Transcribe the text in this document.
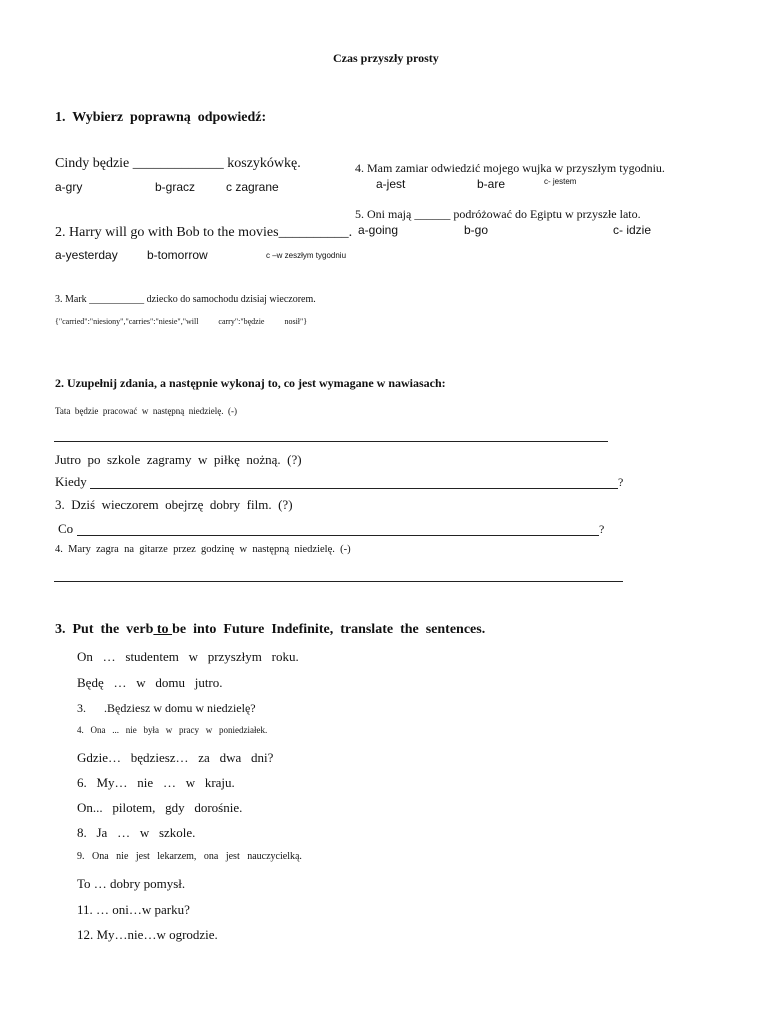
Czas przyszły prosty
1.  Wybierz  poprawną  odpowiedź:
Cindy będzie _____________ koszykówkę.
a-gry	b-gracz	c zagrane
4. Mam zamiar odwiedzić mojego wujka w przyszłym tygodniu.
a-jest	b-are	c- jestem
5. Oni mają ______ podróżować do Egiptu w przyszłe lato.
a-going	b-go	c- idzie
2. Harry will go with Bob to the movies__________.
a-yesterday b-tomorrow	c –w zeszłym tygodniu
3. Mark ___________ dziecko do samochodu dzisiaj wieczorem.
{"carried":"niesiony","carries":"niesie","will          carry":"będzie          nosił"}
2. Uzupełnij zdania, a następnie wykonaj to, co jest wymagane w nawiasach:
Tata  będzie  pracować  w  następną  niedzielę.  (-)
Jutro  po  szkole  zagramy  w  piłkę  nożną.  (?)
Kiedy	?
3.  Dziś  wieczorem  obejrzę  dobry  film.  (?)
Co	?
4.  Mary  zagra  na  gitarze  przez  godzinę  w  następną  niedzielę.  (-)
3.  Put  the  verb to be  into  Future  Indefinite,  translate  the  sentences.
On   …   studentem   w   przyszłym   roku.
Będę   …   w   domu   jutro.
3.      .Będziesz w domu w niedzielę?
4.   Ona   ...   nie   była   w   pracy   w   poniedziałek.
Gdzie…   będziesz…   za   dwa   dni?
6.   My…   nie   …   w   kraju.
On...   pilotem,   gdy   dorośnie.
8.   Ja   …   w   szkole.
9.   Ona   nie   jest   lekarzem,   ona   jest   nauczycielką.
To … dobry pomysł.
11. … oni…w parku?
12. My…nie…w ogrodzie.
